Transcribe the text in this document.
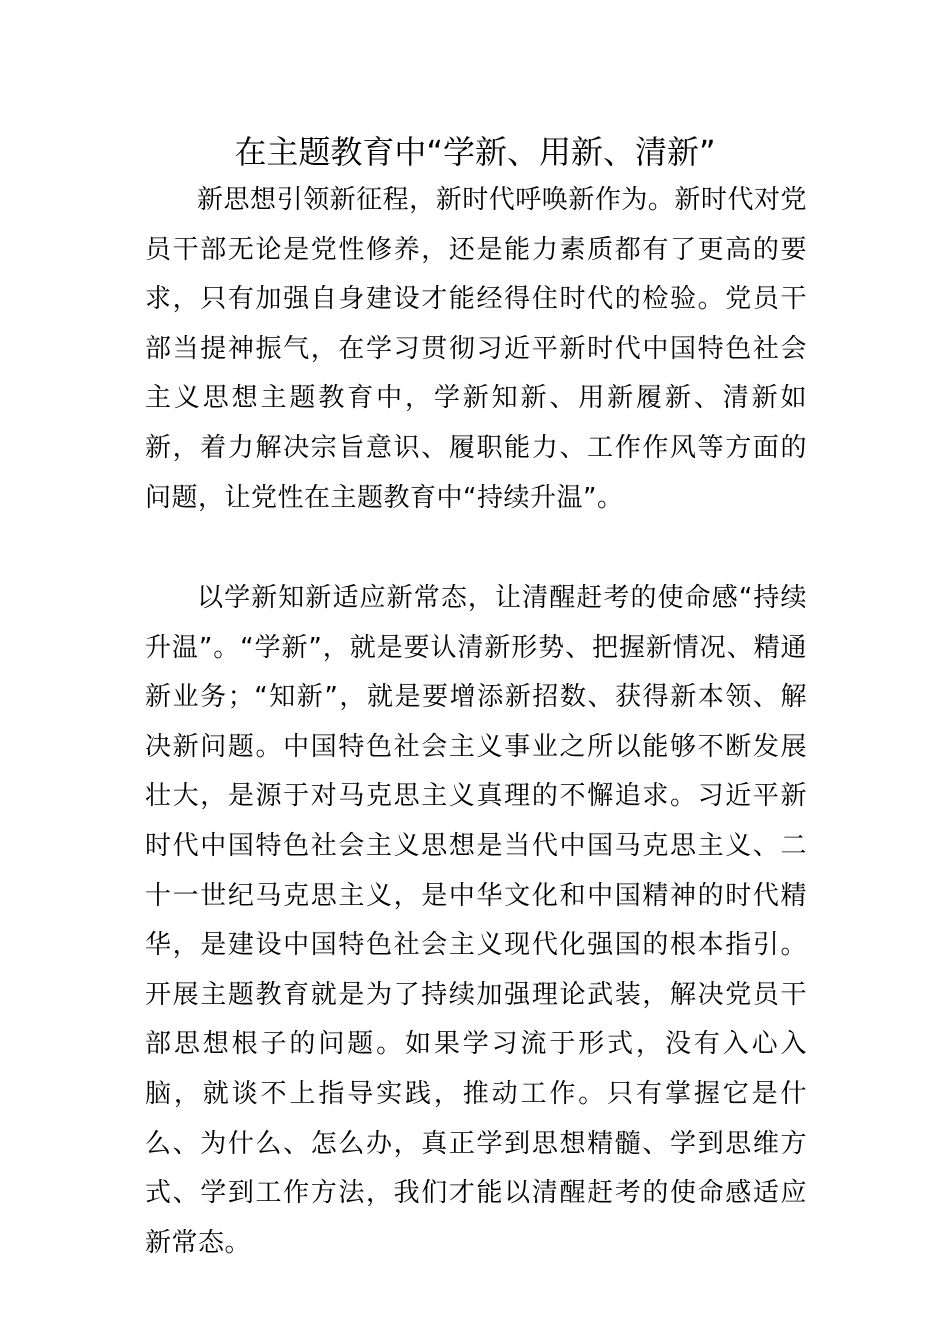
在主题教育中“学新、用新、清新”

新思想引领新征程，新时代呼唤新作为。新时代对党员干部无论是党性修养，还是能力素质都有了更高的要求，只有加强自身建设才能经得住时代的检验。党员干部当提神振气，在学习贯彻习近平新时代中国特色社会主义思想主题教育中，学新知新、用新履新、清新如新，着力解决宗旨意识、履职能力、工作作风等方面的问题，让党性在主题教育中“持续升温”。

以学新知新适应新常态，让清醒赶考的使命感“持续升温”。“学新”，就是要认清新形势、把握新情况、精通新业务；“知新”，就是要增添新招数、获得新本领、解决新问题。中国特色社会主义事业之所以能够不断发展壮大，是源于对马克思主义真理的不懈追求。习近平新时代中国特色社会主义思想是当代中国马克思主义、二十一世纪马克思主义，是中华文化和中国精神的时代精华，是建设中国特色社会主义现代化强国的根本指引。开展主题教育就是为了持续加强理论武装，解决党员干部思想根子的问题。如果学习流于形式，没有入心入脑，就谈不上指导实践，推动工作。只有掌握它是什么、为什么、怎么办，真正学到思想精髓、学到思维方式、学到工作方法，我们才能以清醒赶考的使命感适应新常态。
